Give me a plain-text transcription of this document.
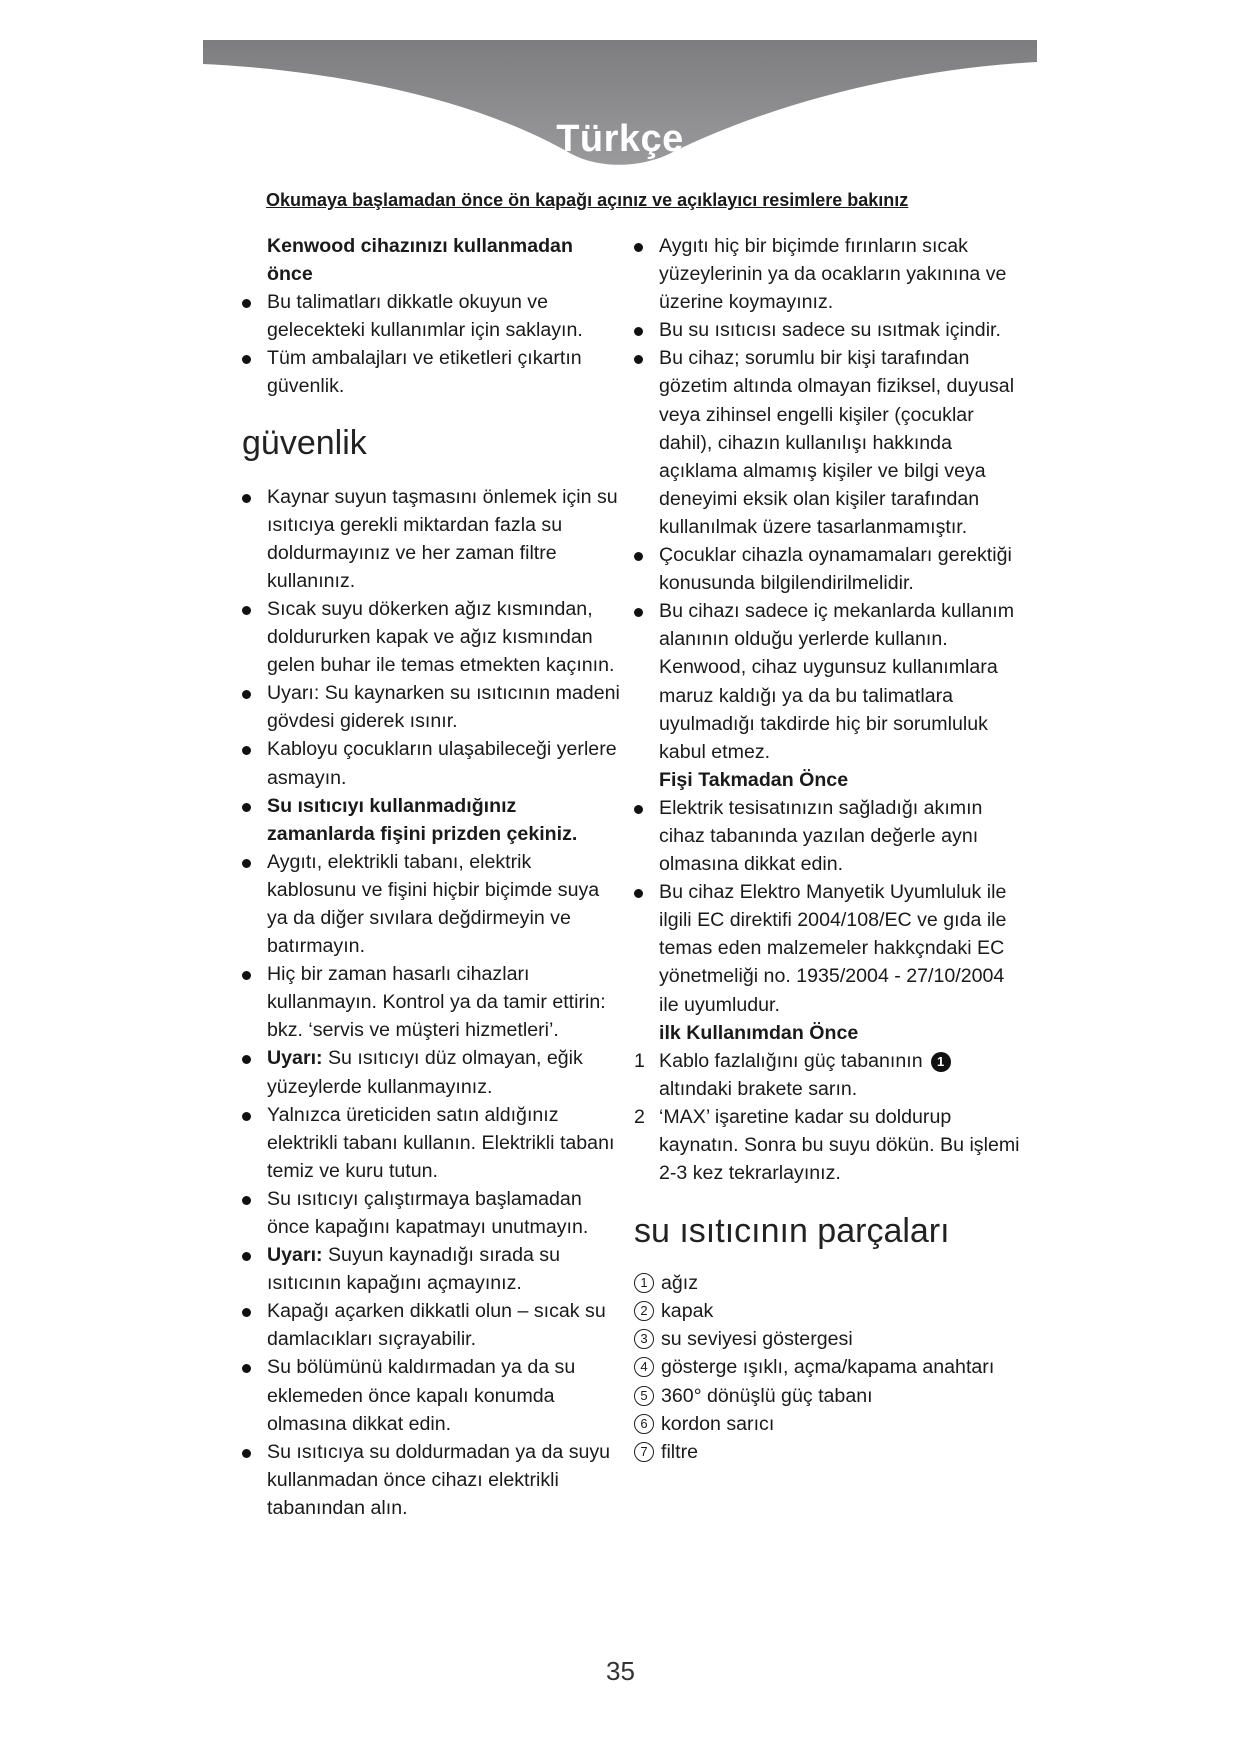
Türkçe
Okumaya başlamadan önce ön kapağı açınız ve açıklayıcı resimlere bakınız
Kenwood cihazınızı kullanmadan önce
Bu talimatları dikkatle okuyun ve gelecekteki kullanımlar için saklayın.
Tüm ambalajları ve etiketleri çıkartın güvenlik.
güvenlik
Kaynar suyun taşmasını önlemek için su ısıtıcıya gerekli miktardan fazla su doldurmayınız ve her zaman filtre kullanınız.
Sıcak suyu dökerken ağız kısmından, doldururken kapak ve ağız kısmından gelen buhar ile temas etmekten kaçının.
Uyarı: Su kaynarken su ısıtıcının madeni gövdesi giderek ısınır.
Kabloyu çocukların ulaşabileceği yerlere asmayın.
Su ısıtıcıyı kullanmadığınız zamanlarda fişini prizden çekiniz.
Aygıtı, elektrikli tabanı, elektrik kablosunu ve fişini hiçbir biçimde suya ya da diğer sıvılara değdirmeyin ve batırmayın.
Hiç bir zaman hasarlı cihazları kullanmayın. Kontrol ya da tamir ettirin: bkz. ‘servis ve müşteri hizmetleri’.
Uyarı: Su ısıtıcıyı düz olmayan, eğik yüzeylerde kullanmayınız.
Yalnızca üreticiden satın aldığınız elektrikli tabanı kullanın. Elektrikli tabanı temiz ve kuru tutun.
Su ısıtıcıyı çalıştırmaya başlamadan önce kapağını kapatmayı unutmayın.
Uyarı: Suyun kaynadığı sırada su ısıtıcının kapağını açmayınız.
Kapağı açarken dikkatli olun – sıcak su damlacıkları sıçrayabilir.
Su bölümünü kaldırmadan ya da su eklemeden önce kapalı konumda olmasına dikkat edin.
Su ısıtıcıya su doldurmadan ya da suyu kullanmadan önce cihazı elektrikli tabanından alın.
Aygıtı hiç bir biçimde fırınların sıcak yüzeylerinin ya da ocakların yakınına ve üzerine koymayınız.
Bu su ısıtıcısı sadece su ısıtmak içindir.
Bu cihaz; sorumlu bir kişi tarafından gözetim altında olmayan fiziksel, duyusal veya zihinsel engelli kişiler (çocuklar dahil), cihazın kullanılışı hakkında açıklama almamış kişiler ve bilgi veya deneyimi eksik olan kişiler tarafından kullanılmak üzere tasarlanmamıştır.
Çocuklar cihazla oynamamaları gerektiği konusunda bilgilendirilmelidir.
Bu cihazı sadece iç mekanlarda kullanım alanının olduğu yerlerde kullanın. Kenwood, cihaz uygunsuz kullanımlara maruz kaldığı ya da bu talimatlara uyulmadığı takdirde hiç bir sorumluluk kabul etmez.
Fişi Takmadan Önce
Elektrik tesisatınızın sağladığı akımın cihaz tabanında yazılan değerle aynı olmasına dikkat edin.
Bu cihaz Elektro Manyetik Uyumluluk ile ilgili EC direktifi 2004/108/EC ve gıda ile temas eden malzemeler hakkçndaki EC yönetmeliği no. 1935/2004 - 27/10/2004 ile uyumludur.
ilk Kullanımdan Önce
1 Kablo fazlalığını güç tabanının 1 altındaki brakete sarın.
2 ‘MAX’ işaretine kadar su doldurup kaynatın. Sonra bu suyu dökün. Bu işlemi 2-3 kez tekrarlayınız.
su ısıtıcının parçaları
1 ağız
2 kapak
3 su seviyesi göstergesi
4 gösterge ışıklı, açma/kapama anahtarı
5 360° dönüşlü güç tabanı
6 kordon sarıcı
7 filtre
35
